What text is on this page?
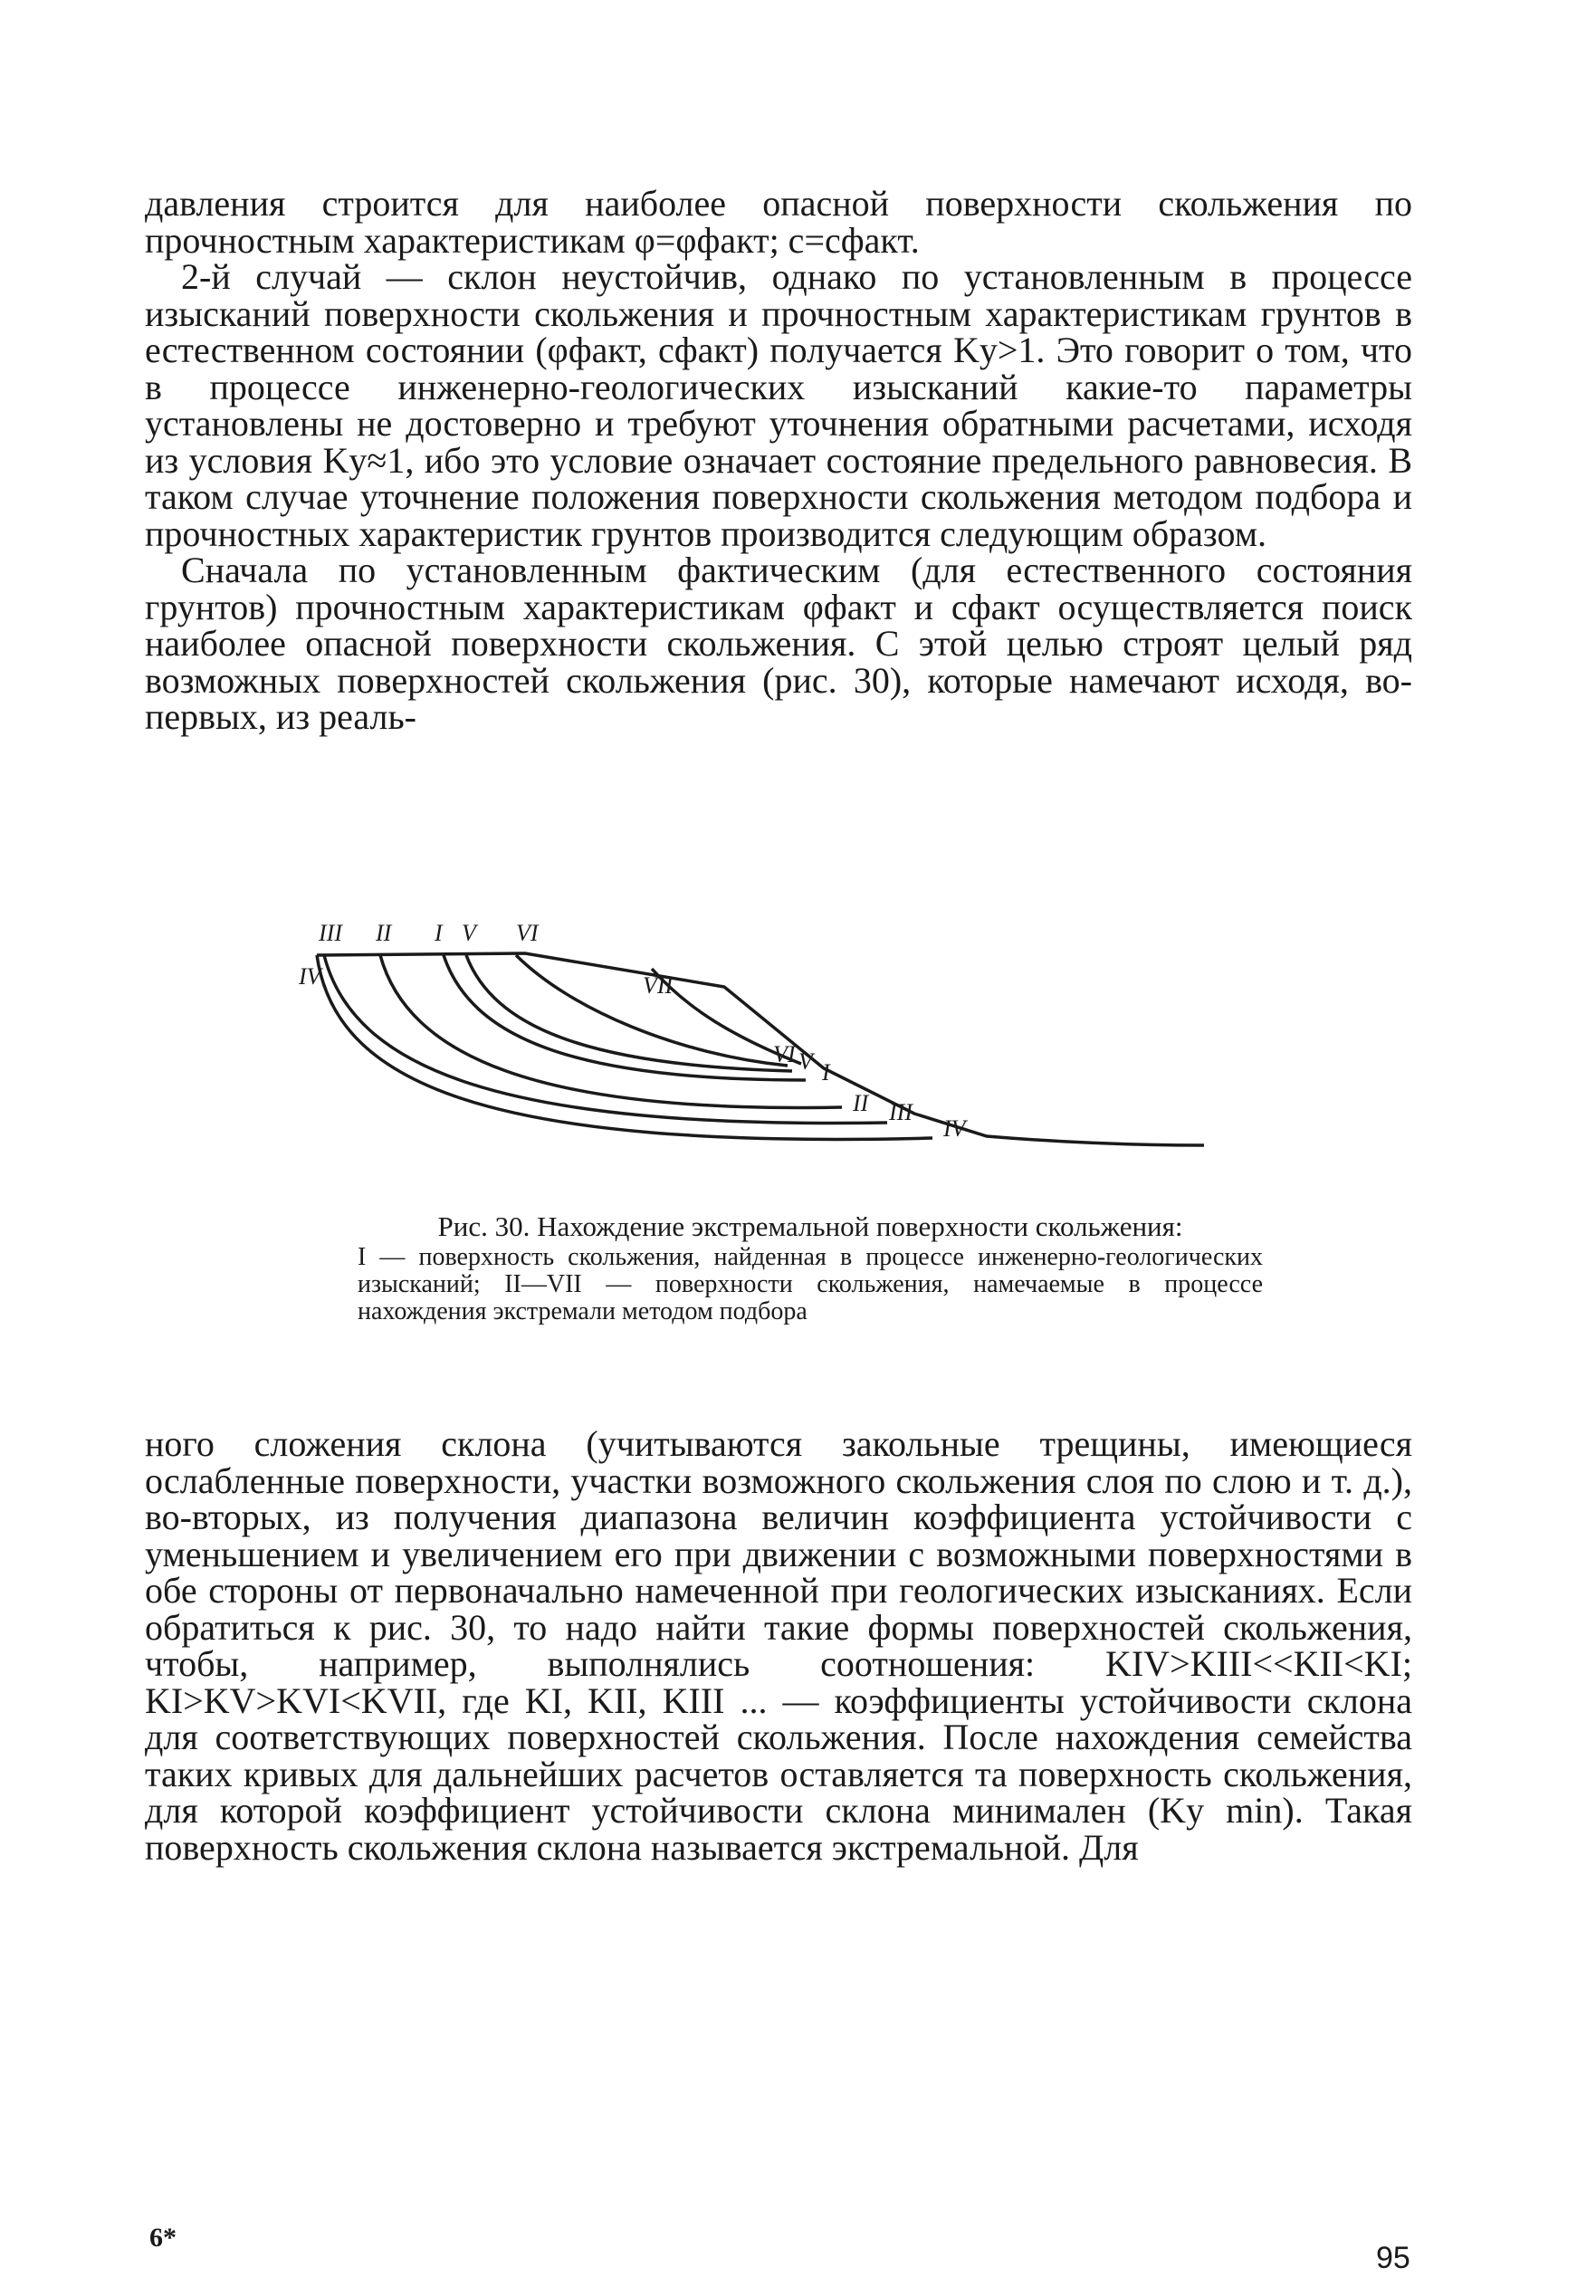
давления строится для наиболее опасной поверхности скольжения по прочностным характеристикам φ=φфакт; c=cфакт.

2-й случай — склон неустойчив, однако по установленным в процессе изысканий поверхности скольжения и прочностным характеристикам грунтов в естественном состоянии (φфакт, cфакт) получается Kу>1. Это говорит о том, что в процессе инженерно-геологических изысканий какие-то параметры установлены не достоверно и требуют уточнения обратными расчетами, исходя из условия Kу≈1, ибо это условие означает состояние предельного равновесия. В таком случае уточнение положения поверхности скольжения методом подбора и прочностных характеристик грунтов производится следующим образом.

Сначала по установленным фактическим (для естественного состояния грунтов) прочностным характеристикам φфакт и cфакт осуществляется поиск наиболее опасной поверхности скольжения. С этой целью строят целый ряд возможных поверхностей скольжения (рис. 30), которые намечают исходя, во-первых, из реаль-

III II I V VI
IV	VII
VI V I
II III
IV

Рис. 30. Нахождение экстремальной поверхности скольжения:

I — поверхность скольжения, найденная в процессе инженерно-геологических изысканий; II—VII — поверхности скольжения, намечаемые в процессе нахождения экстремали методом подбора

ного сложения склона (учитываются закольные трещины, имеющиеся ослабленные поверхности, участки возможного скольжения слоя по слою и т. д.), во-вторых, из получения диапазона величин коэффициента устойчивости с уменьшением и увеличением его при движении с возможными поверхностями в обе стороны от первоначально намеченной при геологических изысканиях. Если обратиться к рис. 30, то надо найти такие формы поверхностей скольжения, чтобы, например, выполнялись соотношения: KIV>KIII<<KII<KI; KI>KV>KVI<KVII, где KI, KII, KIII ... — коэффициенты устойчивости склона для соответствующих поверхностей скольжения. После нахождения семейства таких кривых для дальнейших расчетов оставляется та поверхность скольжения, для которой коэффициент устойчивости склона минимален (Kу min). Такая поверхность скольжения склона называется экстремальной. Для

6*
95
